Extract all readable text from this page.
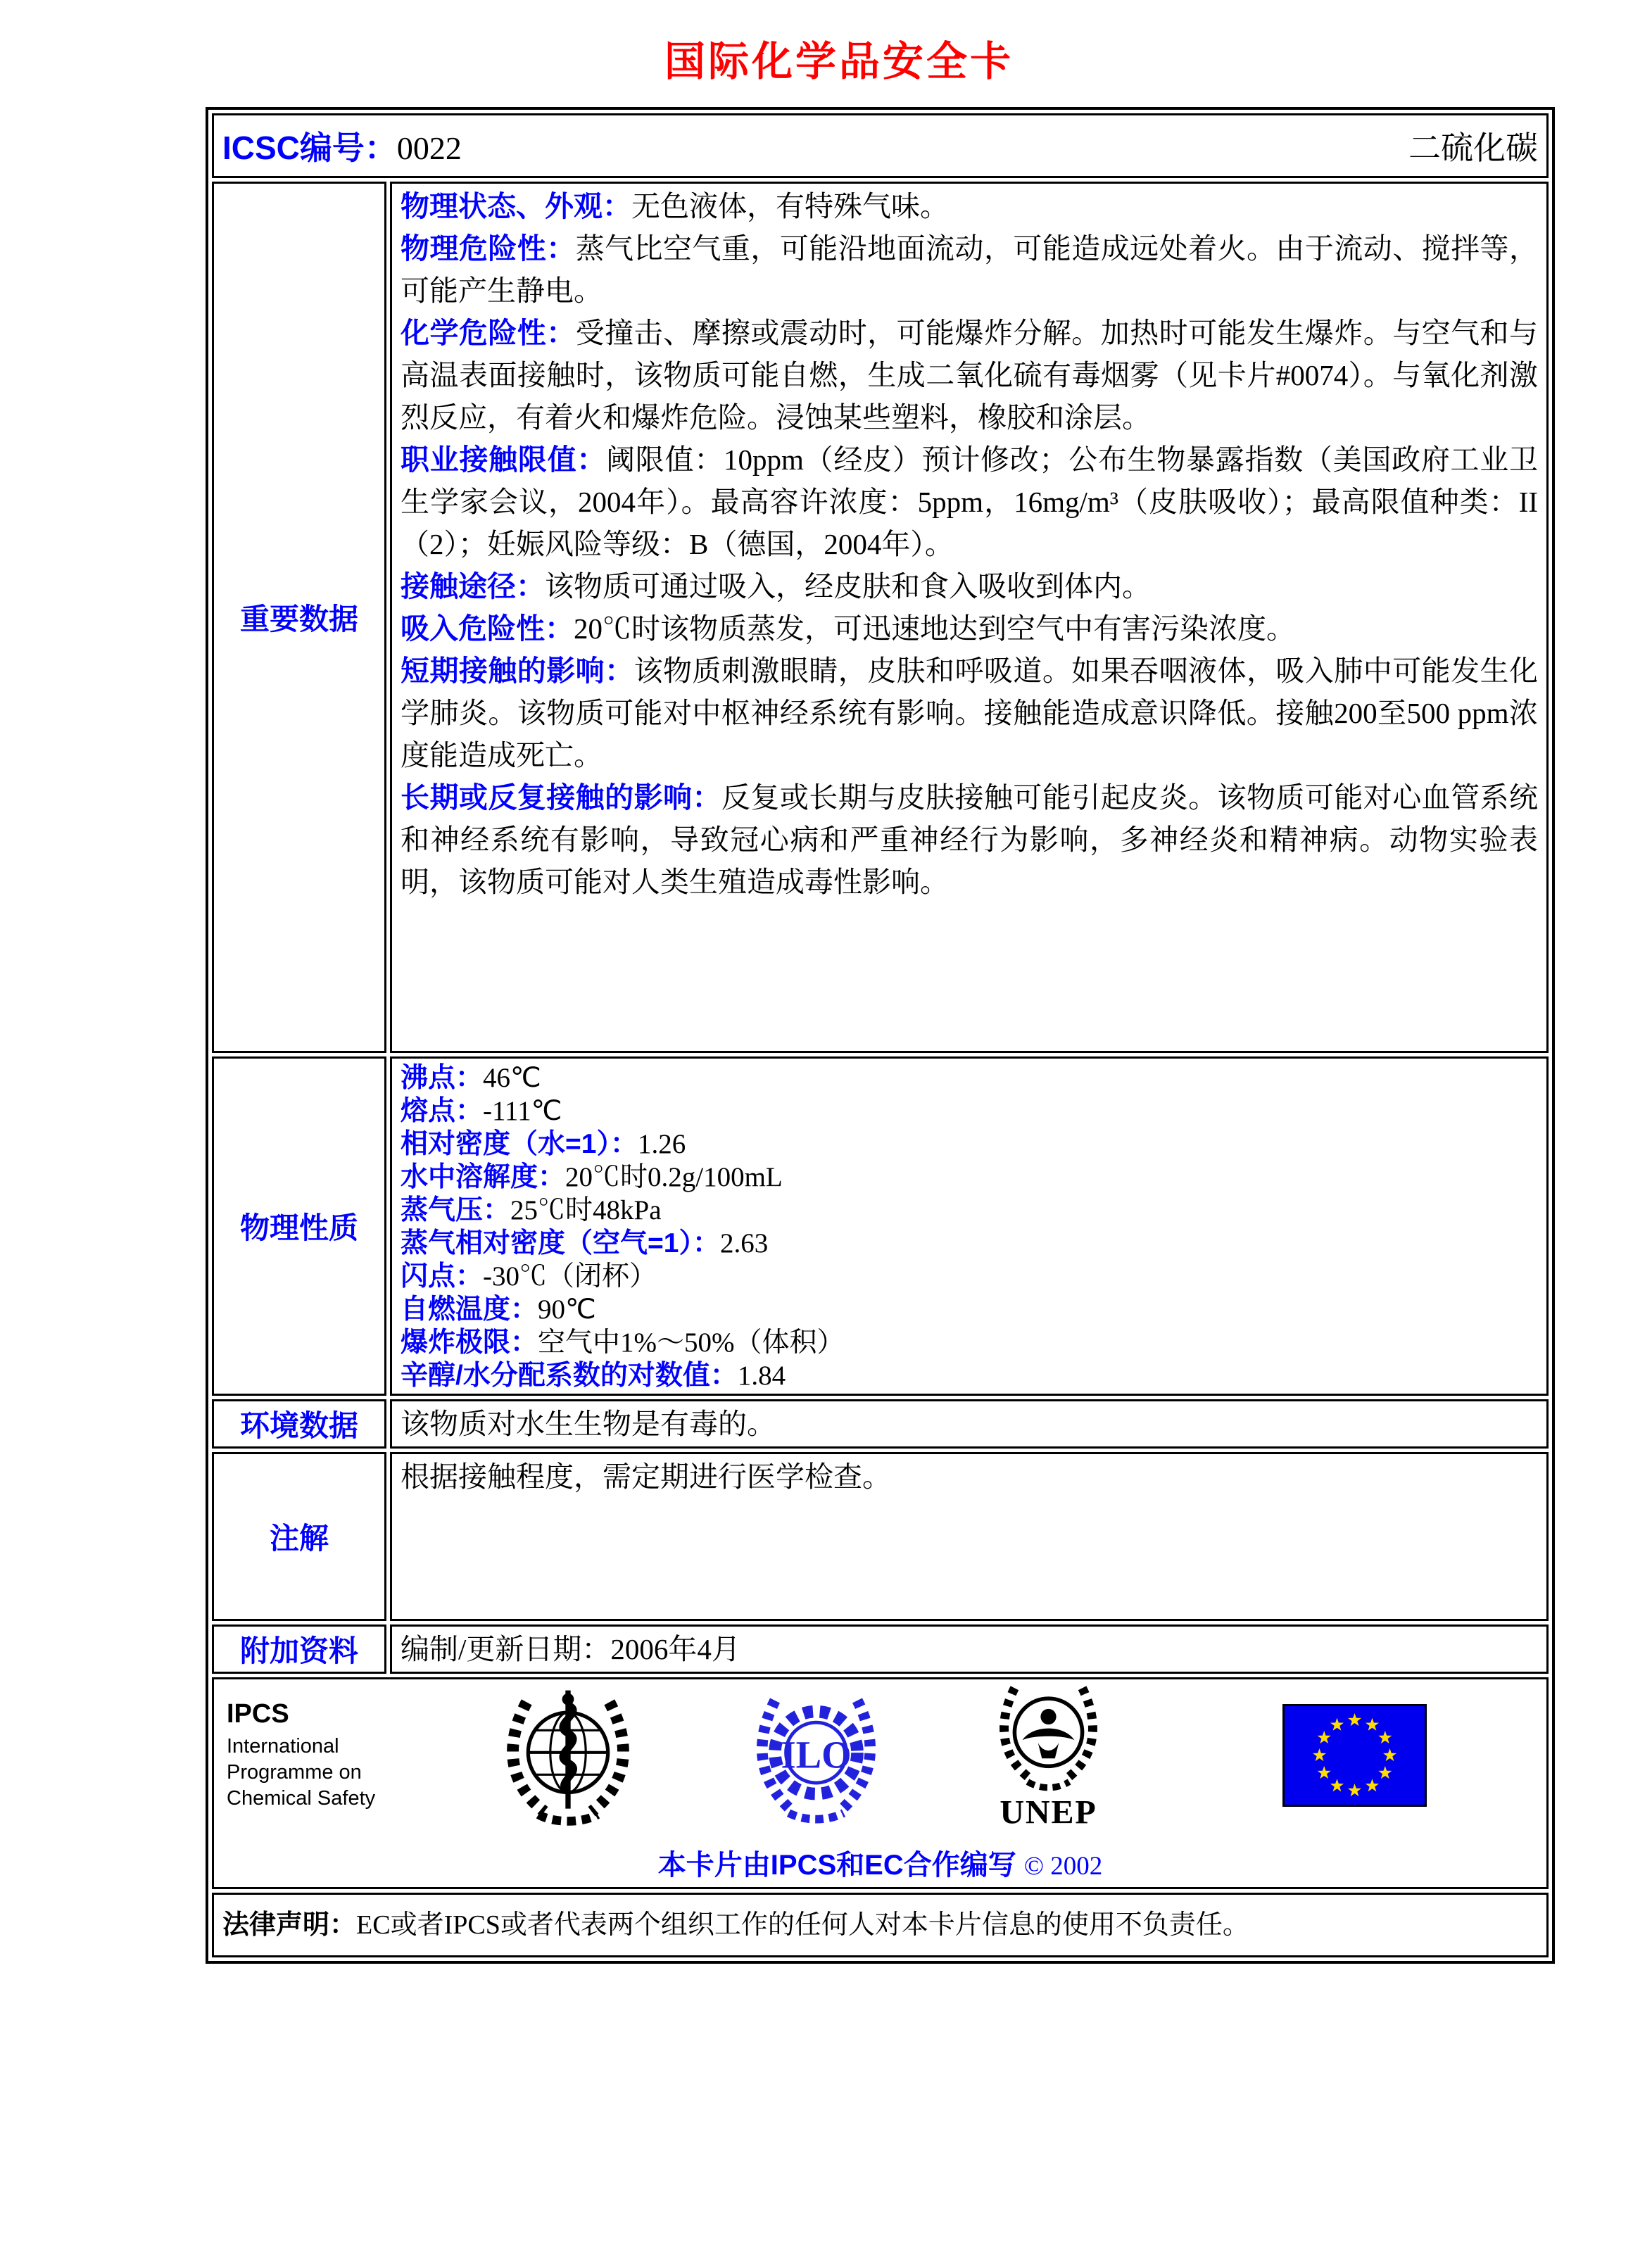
国际化学品安全卡
ICSC编号：0022 二硫化碳	

重要数据	
物理状态、外观：无色液体，有特殊气味。
物理危险性：蒸气比空气重，可能沿地面流动，可能造成远处着火。由于流动、搅拌等，可能产生静电。
化学危险性：受撞击、摩擦或震动时，可能爆炸分解。加热时可能发生爆炸。与空气和与高温表面接触时，该物质可能自燃，生成二氧化硫有毒烟雾（见卡片#0074）。与氧化剂激烈反应，有着火和爆炸危险。浸蚀某些塑料，橡胶和涂层。
职业接触限值：阈限值：10ppm（经皮）预计修改；公布生物暴露指数（美国政府工业卫生学家会议，2004年）。最高容许浓度：5ppm，16mg/m³（皮肤吸收）；最高限值种类：II（2）；妊娠风险等级：B（德国，2004年）。
接触途径：该物质可通过吸入，经皮肤和食入吸收到体内。
吸入危险性：20℃时该物质蒸发，可迅速地达到空气中有害污染浓度。
短期接触的影响：该物质刺激眼睛，皮肤和呼吸道。如果吞咽液体，吸入肺中可能发生化学肺炎。该物质可能对中枢神经系统有影响。接触能造成意识降低。接触200至500 ppm浓度能造成死亡。
长期或反复接触的影响：反复或长期与皮肤接触可能引起皮炎。该物质可能对心血管系统和神经系统有影响，导致冠心病和严重神经行为影响，多神经炎和精神病。动物实验表明，该物质可能对人类生殖造成毒性影响。

物理性质	
沸点：46℃
熔点：-111℃
相对密度（水=1）：1.26
水中溶解度：20℃时0.2g/100mL
蒸气压：25℃时48kPa
蒸气相对密度（空气=1）：2.63
闪点：-30℃（闭杯）
自燃温度：90℃
爆炸极限：空气中1%～50%（体积）
辛醇/水分配系数的对数值：1.84

环境数据	该物质对水生生物是有毒的。
注解	根据接触程度，需定期进行医学检查。
附加资料	编制/更新日期：2006年4月

IPCS
International
Programme on
Chemical Safety
ILO
UNEP
本卡片由IPCS和EC合作编写 © 2002

法律声明：EC或者IPCS或者代表两个组织工作的任何人对本卡片信息的使用不负责任。	
